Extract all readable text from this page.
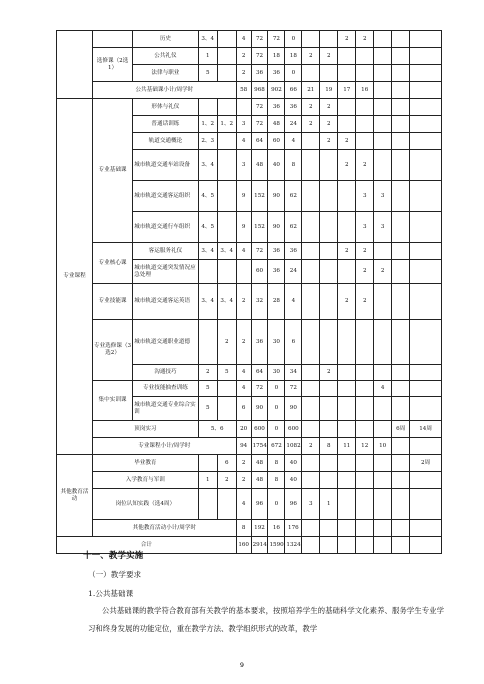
		历史	3、4		4	72	72	0			2	2			
	选修课（2选1）	公共礼仪	1		2	72	18	18	2	2					
		法律与职业	5		2	36	36	0							
	公共基础课小计/周学时				58	968	902	66	21	19	17	16			
专业课程	专业基础课	形体与礼仪				72	36	36	2	2					
		普通话训练	1、2	1、2	3	72	48	24	2	2					
		轨道交通概论	2、3		4	64	60	4		2	2				
		城市轨道交通车站设备	3、4		3	48	40	8			2	2			
		城市轨道交通客运组织	4、5		9	152	90	62				3	3		
		城市轨道交通行车组织	4、5		9	152	90	62				3	3		
	专业核心课	客运服务礼仪	3、4	3、4	4	72	36	36			2	2			
		城市轨道交通突发情况应急处理				60	36	24				2	2		
	专业技能课	城市轨道交通客运英语	3、4	3、4	2	32	28	4			2	2			
	专业选修课（3选2）	城市轨道交通职业道德		2	2	36	30	6							
		沟通技巧	2	5	4	64	30	34		2					
	集中实训课	专业技能抽查训练	5		4	72	0	72					4		
		城市轨道交通专业综合实训	5		6	90	0	90							
	顶岗实习		5、6		20	600	0	600						6周	14周
	专业课程小计/周学时				94	1754	672	1082	2	8	11	12	10		
其他教育活动	毕业教育			6	2	48	8	40							2周
	入学教育与军训		1	2	2	48	8	40							
	岗位认知实践（选4周）				4	96	0	96	3	1					
	其他教育活动小计/周学时				8	192	16	176							
合计					160	2914	1590	1324							
十一、教学实施
（一）教学要求
1.公共基础课
公共基础课的教学符合教育部有关教学的基本要求，按照培养学生的基础科学文化素养、服务学生专业学习和终身发展的功能定位，重在教学方法、教学组织形式的改革，教学
9
